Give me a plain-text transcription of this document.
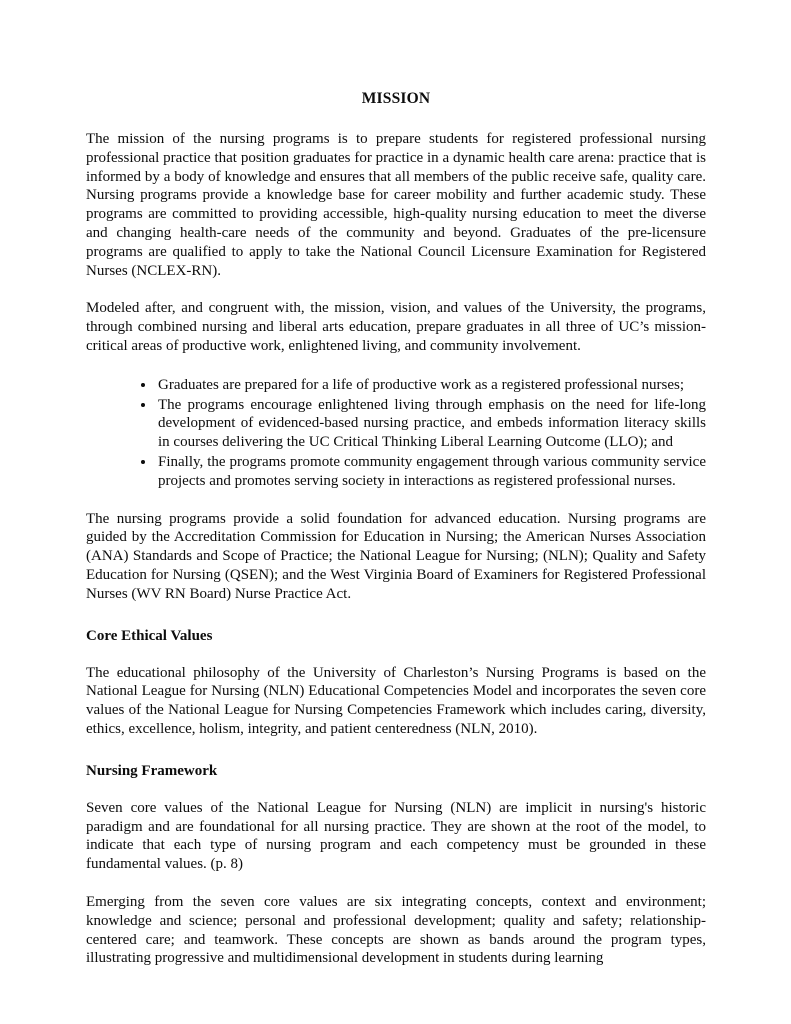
MISSION

The mission of the nursing programs is to prepare students for registered professional nursing professional practice that position graduates for practice in a dynamic health care arena: practice that is informed by a body of knowledge and ensures that all members of the public receive safe, quality care. Nursing programs provide a knowledge base for career mobility and further academic study. These programs are committed to providing accessible, high-quality nursing education to meet the diverse and changing health-care needs of the community and beyond. Graduates of the pre-licensure programs are qualified to apply to take the National Council Licensure Examination for Registered Nurses (NCLEX-RN).

Modeled after, and congruent with, the mission, vision, and values of the University, the programs, through combined nursing and liberal arts education, prepare graduates in all three of UC’s mission-critical areas of productive work, enlightened living, and community involvement.

• Graduates are prepared for a life of productive work as a registered professional nurses;
• The programs encourage enlightened living through emphasis on the need for life-long development of evidenced-based nursing practice, and embeds information literacy skills in courses delivering the UC Critical Thinking Liberal Learning Outcome (LLO); and
• Finally, the programs promote community engagement through various community service projects and promotes serving society in interactions as registered professional nurses.

The nursing programs provide a solid foundation for advanced education. Nursing programs are guided by the Accreditation Commission for Education in Nursing; the American Nurses Association (ANA) Standards and Scope of Practice; the National League for Nursing; (NLN); Quality and Safety Education for Nursing (QSEN); and the West Virginia Board of Examiners for Registered Professional Nurses (WV RN Board) Nurse Practice Act.

Core Ethical Values

The educational philosophy of the University of Charleston’s Nursing Programs is based on the National League for Nursing (NLN) Educational Competencies Model and incorporates the seven core values of the National League for Nursing Competencies Framework which includes caring, diversity, ethics, excellence, holism, integrity, and patient centeredness (NLN, 2010).

Nursing Framework

Seven core values of the National League for Nursing (NLN) are implicit in nursing's historic paradigm and are foundational for all nursing practice. They are shown at the root of the model, to indicate that each type of nursing program and each competency must be grounded in these fundamental values. (p. 8)

Emerging from the seven core values are six integrating concepts, context and environment; knowledge and science; personal and professional development; quality and safety; relationship-centered care; and teamwork. These concepts are shown as bands around the program types, illustrating progressive and multidimensional development in students during learning
